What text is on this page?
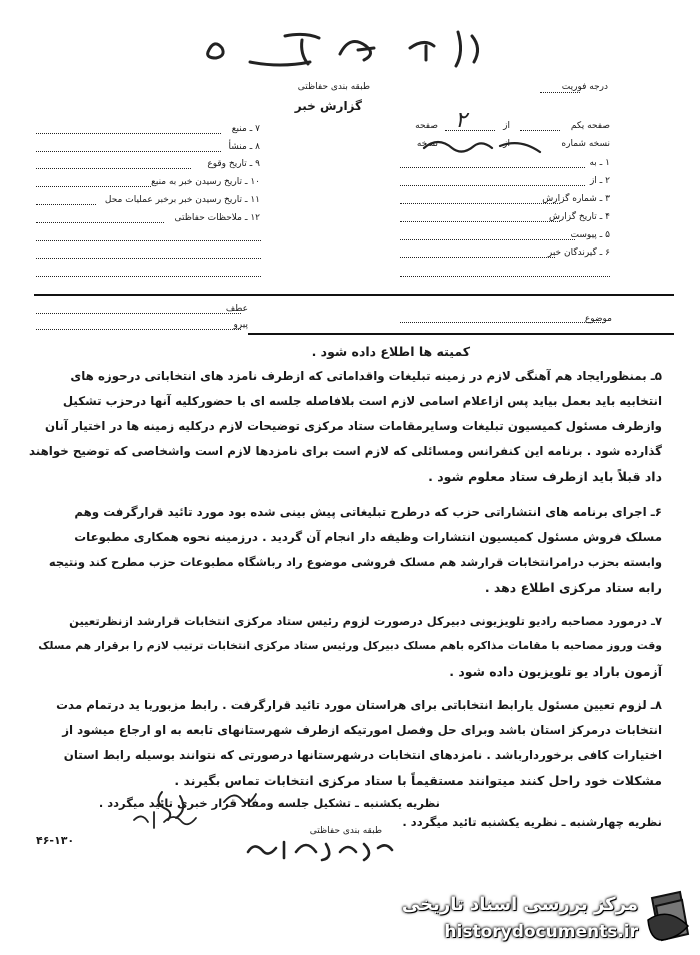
طبقه بندی حفاظتی
گزارش خبر
درجه فوریت
۷ ـ منبع
۸ ـ منشأ
۹ ـ تاریخ وقوع
۱۰ ـ تاریخ رسیدن خبر به منبع
۱۱ ـ تاریخ رسیدن خبر برخبر عملیات محل
۱۲ ـ ملاحظات حفاظتی
صفحه یکم
از
صفحه ۲
نسخه شماره
از
نسخه
۱ ـ به
۲ ـ از
۳ ـ شماره گزارش
۴ ـ تاریخ گزارش
۵ ـ پیوست
۶ ـ گیرندگان خبر
موضوع
عطف
پیرو
کمیته ها اطلاع داده شود .
۵ـ بمنظورایجاد هم آهنگی لازم در زمینه تبلیغات واقداماتی که ازطرف نامزد های انتخاباتی درحوزه های
انتخابیه باید بعمل بیاید پس ازاعلام اسامی لازم است بلافاصله جلسه ای با حضورکلیه آنها درحزب تشکیل
وازطرف مسئول کمیسیون تبلیغات وسایرمقامات ستاد مرکزی توضیحات لازم درکلیه زمینه ها در اختیار آنان
گذارده شود . برنامه این کنفرانس ومسائلی که لازم است برای نامزدها لازم است واشخاصی که توضیح خواهند
داد قبلاً باید ازطرف ستاد معلوم شود .
۶ـ اجرای برنامه های انتشاراتی حزب که درطرح تبلیغاتی پیش بینی شده بود مورد تائید قرارگرفت وهم
مسلک فروش مسئول کمیسیون انتشارات وظیفه دار انجام آن گردید . درزمینه نحوه همکاری مطبوعات
وابسته بحزب درامرانتخابات قرارشد هم مسلک فروشی موضوع راد رباشگاه مطبوعات حزب مطرح کند ونتیجه
رابه ستاد مرکزی اطلاع دهد .
۷ـ درمورد مصاحبه رادیو تلویزیونی دبیرکل درصورت لزوم رئیس ستاد مرکزی انتخابات قرارشد ازنظرتعیین
وقت وروز مصاحبه با مقامات مذاکره باهم مسلک دبیرکل ورئیس ستاد مرکزی انتخابات ترتیب لازم را برقرار هم مسلک
آزمون باراد یو تلویزیون داده شود .
۸ـ لزوم تعیین مسئول یارابط انتخاباتی برای هراستان مورد تائید قرارگرفت . رابط مزبوربا ید درتمام مدت
انتخابات درمرکز استان باشد وبرای حل وفصل امورتیکه ازطرف شهرستانهای تابعه به او ارجاع میشود از
اختیارات کافی برخوردارباشد . نامزدهای انتخابات درشهرستانها درصورتی که نتوانند بوسیله رابط استان
مشکلات خود راحل کنند میتوانند مستقیماً با ستاد مرکزی انتخابات تماس بگیرند .
نظریه یکشنبه ـ تشکیل جلسه ومفاد قرار خبری تائید میگردد .
نظریه چهارشنبه ـ نظریه یکشنبه تائید میگردد .
طبقه بندی حفاظتی
۴۶-۱۳۰
مرکز بررسی اسناد تاریخی
historydocuments.ir
